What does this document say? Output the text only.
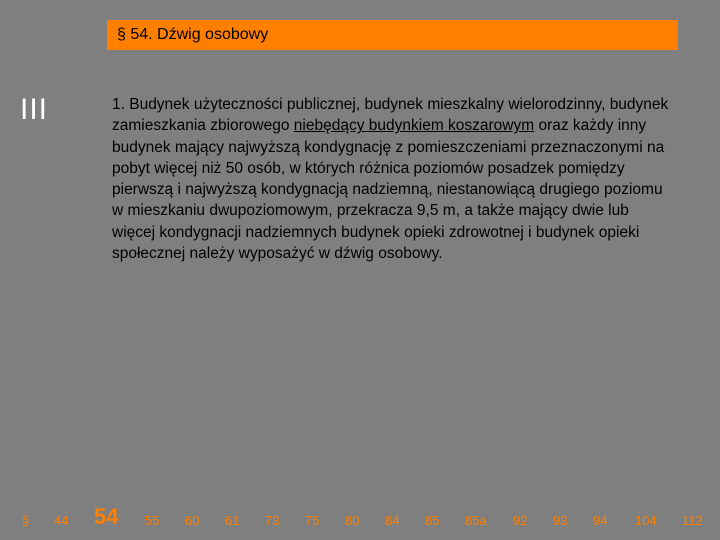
§ 54. Dźwig osobowy
III	1. Budynek użyteczności publicznej, budynek mieszkalny wielorodzinny, budynek zamieszkania zbiorowego niebędący budynkiem koszarowym oraz każdy inny budynek mający najwyższą kondygnację z pomieszczeniami przeznaczonymi na pobyt więcej niż 50 osób, w których różnica poziomów posadzek pomiędzy pierwszą i najwyższą kondygnacją nadziemną, niestanowiącą drugiego poziomu w mieszkaniu dwupoziomowym, przekracza 9,5 m, a także mający dwie lub więcej kondygnacji nadziemnych budynek opieki zdrowotnej i budynek opieki społecznej należy wyposażyć w dźwig osobowy.
§ 44 54 55 60 61 73 75 80 84 85 85a 92 93 94 104 112
